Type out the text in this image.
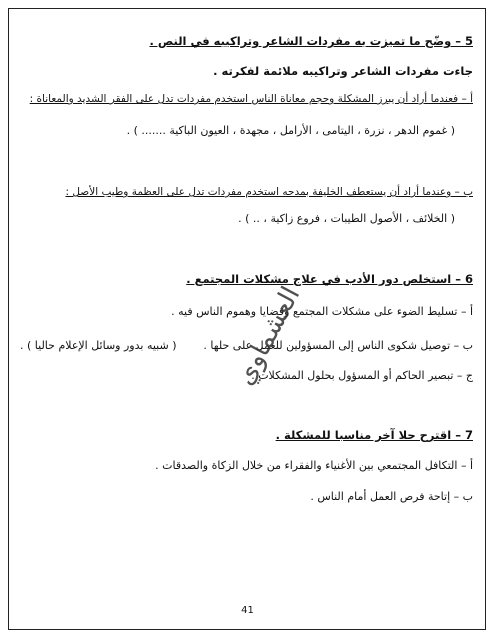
5 – وضّح ما تميزت به مفردات الشاعر وتراكيبه في النص .
جاءت مفردات الشاعر وتراكيبه ملائمة لفكرته .
أ – فعندما أراد أن يبرز المشكلة وحجم معاناة الناس استخدم مفردات تدل على الفقر الشديد والمعاناة :
( غموم الدهر ، نزرة ، اليتامى ، الأرامل ، مجهدة ، العيون الباكية ....... ) .
ب – وعندما أراد أن يستعطف الخليفة بمدحه استخدم مفردات تدل على العظمة وطيب الأصل :
( الخلائف ، الأصول الطيبات ، فروع زاكية ، .. ) .
6 – استخلص دور الأدب في علاج مشكلات المجتمع .
أ – تسليط الضوء على مشكلات المجتمع وقضايا وهموم الناس فيه .
ب – توصيل شكوى الناس إلى المسؤولين للعمل على حلها .
( شبيه بدور وسائل الإعلام حاليا ) .
ج – تبصير الحاكم أو المسؤول بحلول المشكلات .
7 – اقترح حلا آخر مناسبا للمشكلة .
أ – التكافل المجتمعي بين الأغنياء والفقراء من خلال الزكاة والصدقات .
ب – إتاحة فرص العمل أمام الناس .
العشماوي
41
